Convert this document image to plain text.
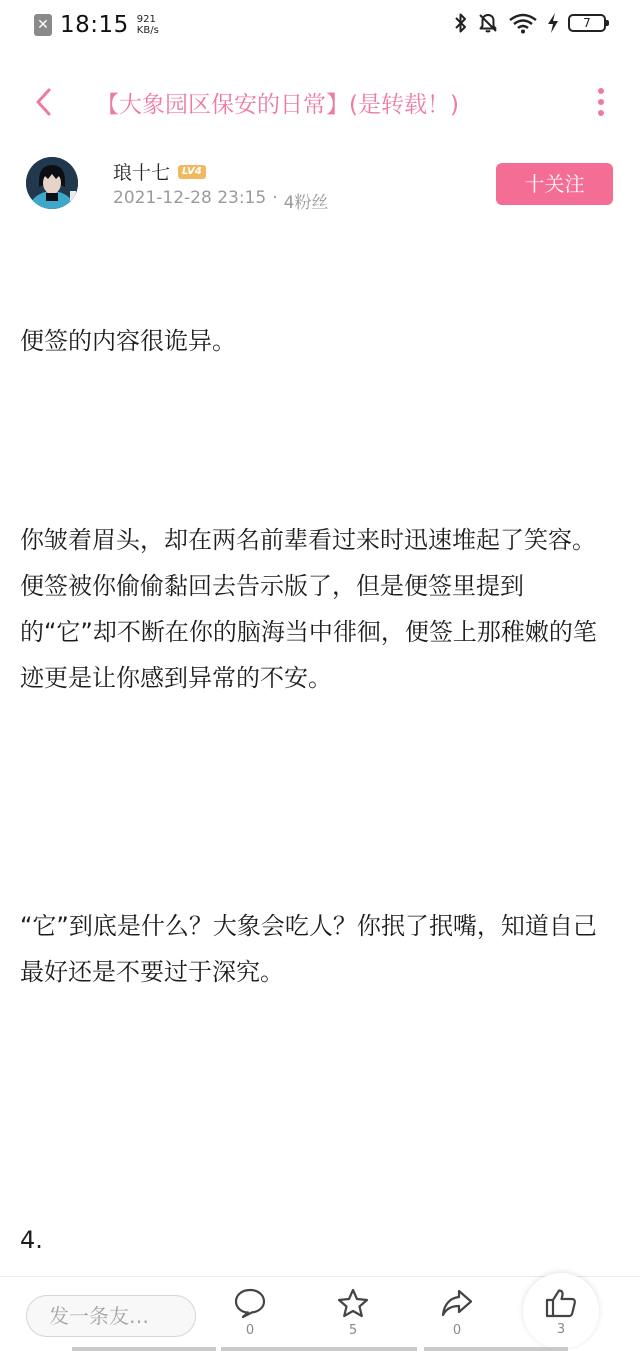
✕ 18:15 921
KB/s
7
【大象园区保安的日常】(是转载！)
琅十七	LV4
2021-12-28 23:15 · 4粉丝
十关注

便签的内容很诡异。

你皱着眉头，却在两名前辈看过来时迅速堆起了笑容。便签被你偷偷黏回去告示版了，但是便签里提到的“它”却不断在你的脑海当中徘徊，便签上那稚嫩的笔迹更是让你感到异常的不安。

“它”到底是什么？大象会吃人？你抿了抿嘴，知道自己最好还是不要过于深究。

4.

发一条友…
0	5	0	3
